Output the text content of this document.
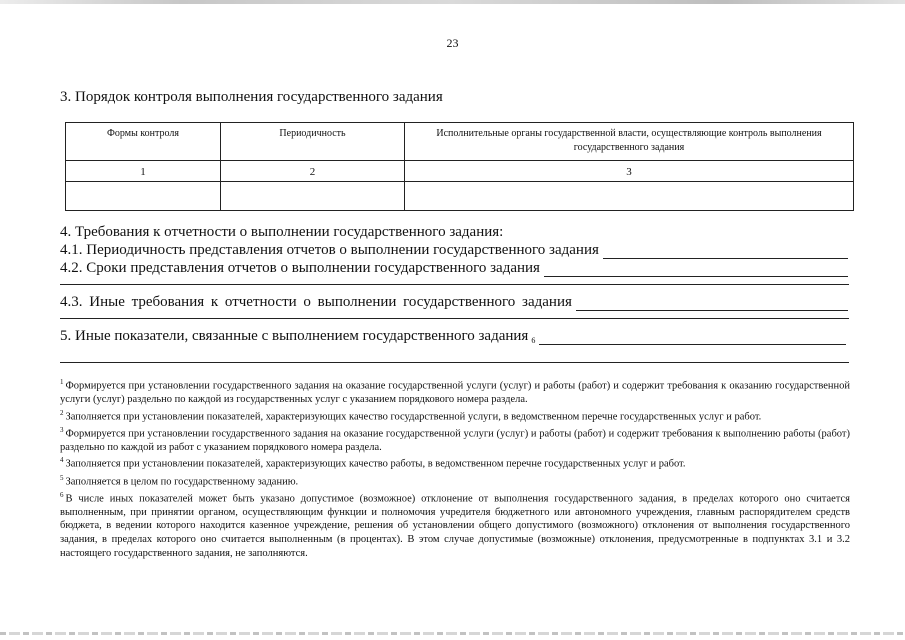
23
3. Порядок контроля выполнения государственного задания
Формы контроля	Периодичность	Исполнительные органы государственной власти, осуществляющие контроль выполнения государственного задания
1	2	3

4. Требования к отчетности о выполнении государственного задания:
4.1. Периодичность представления отчетов о выполнении государственного задания
4.2. Сроки представления отчетов о выполнении государственного задания
4.3. Иные требования к отчетности о выполнении государственного задания
5. Иные показатели, связанные с выполнением государственного задания 6

$^1$ Формируется при установлении государственного задания на оказание государственной услуги (услуг) и работы (работ) и содержит требования к оказанию государственной услуги (услуг) раздельно по каждой из государственных услуг с указанием порядкового номера раздела.

$^2$ Заполняется при установлении показателей, характеризующих качество государственной услуги, в ведомственном перечне государственных услуг и работ.

$^3$ Формируется при установлении государственного задания на оказание государственной услуги (услуг) и работы (работ) и содержит требования к выполнению работы (работ) раздельно по каждой из работ с указанием порядкового номера раздела.

$^4$ Заполняется при установлении показателей, характеризующих качество работы, в ведомственном перечне государственных услуг и работ.

$^5$ Заполняется в целом по государственному заданию.

$^6$ В числе иных показателей может быть указано допустимое (возможное) отклонение от выполнения государственного задания, в пределах которого оно считается выполненным, при принятии органом, осуществляющим функции и полномочия учредителя бюджетного или автономного учреждения, главным распорядителем средств бюджета, в ведении которого находится казенное учреждение, решения об установлении общего допустимого (возможного) отклонения от выполнения государственного задания, в пределах которого оно считается выполненным (в процентах). В этом случае допустимые (возможные) отклонения, предусмотренные в подпунктах 3.1 и 3.2 настоящего государственного задания, не заполняются.
